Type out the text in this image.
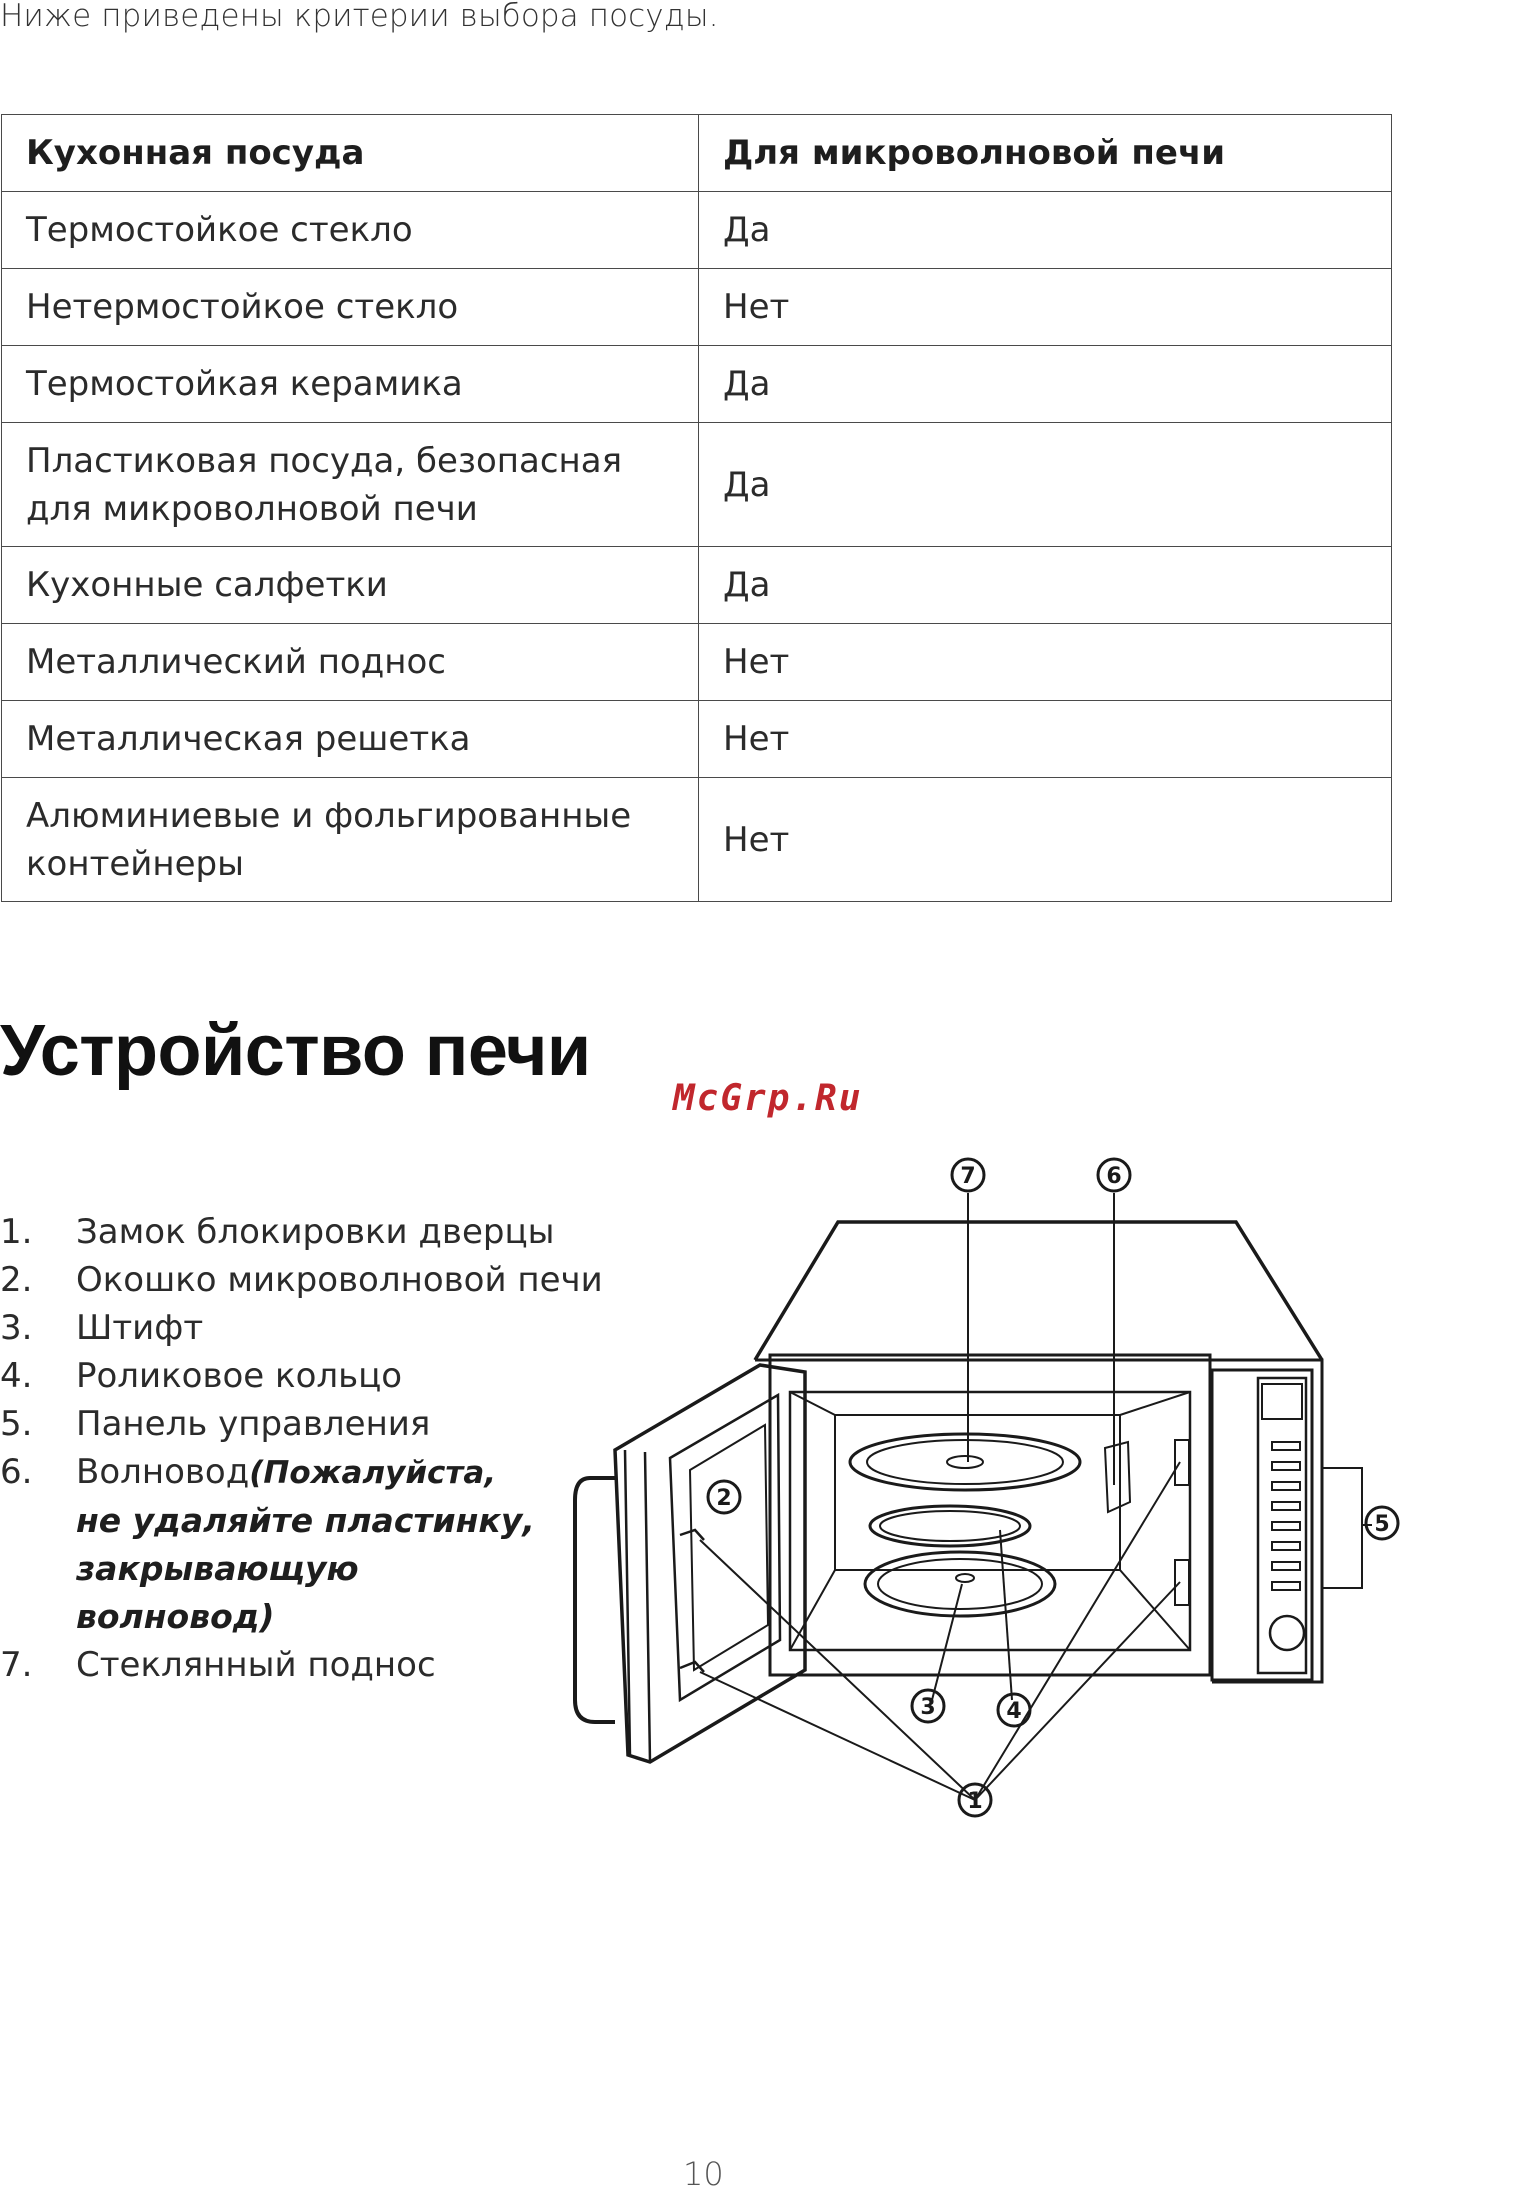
Ниже приведены критерии выбора посуды.
Кухонная посуда	Для микроволновой печи
Термостойкое стекло	Да
Нетермостойкое стекло	Нет
Термостойкая керамика	Да
Пластиковая посуда, безопасная для микроволновой печи	Да
Кухонные салфетки	Да
Металлический поднос	Нет
Металлическая решетка	Нет
Алюминиевые и фольгированные контейнеры	Нет
Устройство печи
McGrp.Ru
1. Замок блокировки дверцы
2. Окошко микроволновой печи
3. Штифт
4. Роликовое кольцо
5. Панель управления
6. Волновод(Пожалуйста,
не удаляйте пластинку, закрывающую волновод)
7. Стеклянный поднос
7	6
5
2
3	4
1
10
